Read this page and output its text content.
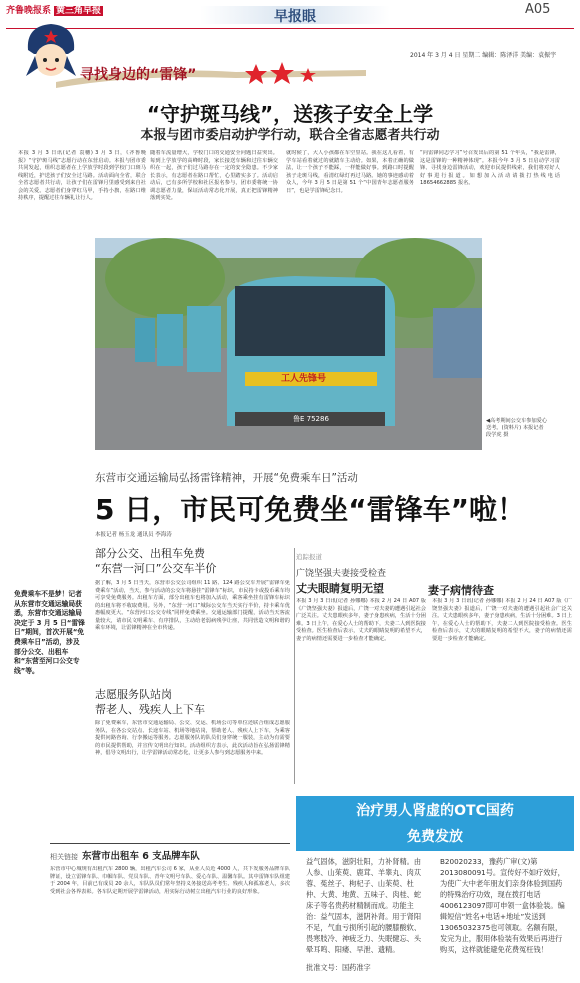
齐鲁晚报系 黄三角早报	早报眼	A05
2014 年 3 月 4 日 星期二 编辑：陈泽洋 美编：袁振宇
寻找身边的“雷锋”
“守护斑马线”，送孩子安全上学
本报与团市委启动护学行动，联合全省志愿者共行动
本报 3 月 3 日讯(记者 袁穗) 3 月 3 日，《齐鲁晚报》“守护斑马线”志愿行动在东营启动。本报与团市委共同发起，组织志愿者在上学放学时段到学校门口斑马线附近，护送孩子们安全过马路。活动面向全省，联合全省志愿者共行动，让孩子们在雷锋月里感受到来自社会的关爱。志愿者们身穿红马甲，手持小旗，在路口维持秩序，提醒过往车辆礼让行人。
随着车流量增大，学校门口的交通安全问题日益突出。每到上学放学的高峰时段，家长接送车辆和过往车辆交织在一起，孩子们过马路存在一定的安全隐患。不少家长表示，有志愿者在路口帮忙，心里踏实多了。活动启动后，已有多所学校和社区报名参与，团市委将统一协调志愿者力量，保证活动常态化开展，真正把雷锋精神落到实处。
就时候了，大人小孩都在车空里站。我在这儿看着，有学车站看着就过的就踏车主动给。如果，本着正确的做法，让一个孩子不能踩，一样能做好事。到路口时提醒孩子走斑马线，看清红绿灯再过马路。她的事迹感动着众人，今年 3 月 5 日是第 51 个“中国青年志愿者服务日”，也是学雷锋纪念日。
“向雷锋同志学习”号召发出后的第 51 个年头，“我是雷锋，这是雷锋的一种精神体现”。本报今年 3 月 5 日启动学习雷锋、寻找身边雷锋活动，欢迎市民提供线索，我们将对好人好事进行报道。如想加入活动请拨打热线电话 18654662885 报名。
工人先锋号
鲁E 75286	◀高考期间公交车参加爱心送考。(资料片) 本报记者 段学虎 摄
东营市交通运输局弘扬雷锋精神，开展“免费乘车日”活动
5 日，市民可免费坐“雷锋车”啦！
本报记者 杨玉龙 通讯员 李海涛
免费乘车不是梦！记者从东营市交通运输局获悉，东营市交通运输局决定于 3 月 5 日“雷锋日”期间，首次开展“免费乘车日”活动，涉及部分公交、出租车和“东营至河口公交专线”等。
部分公交、出租车免费
“东营一河口”公交车半价
据了解，3 月 5 日当天，东营市公交公司组织 11 路、124 路公交车开展“雷锋车免费乘车”活动，当天，参与活动的公交车将悬挂“雷锋车”标识，市民持卡或投币乘车均可享受免费服务。出租车方面，部分出租车也将加入活动，乘客乘坐挂有雷锋车标识的出租车将不收取费用。另外，“东营一河口”城际公交车当天实行半价，持卡乘车优惠幅度更大。“东营河口公交专线”同样免费乘坐。交通运输部门提醒，活动当天客流量较大，请市民文明乘车、有序排队，主动给老弱病残孕让座，共同营造文明和谐的乘车环境，让雷锋精神在全市传递。
志愿服务队站岗
帮老人、残疾人上下车
除了免费乘车，东营市交通运输局、公交、交运、机场公司等单位还联合组成志愿服务队，在各公交站点、长途车站、机场等地站岗，帮助老人、残疾人上下车，为乘客提供问路咨询、行李搬运等服务。志愿服务队的队员们身穿统一服装，主动为有需要的市民提供帮助，并宣传文明出行知识。活动组织方表示，此次活动旨在弘扬雷锋精神，倡导文明出行，让学雷锋活动常态化，让更多人参与到志愿服务中来。
相关链接 东营市出租车 6 支品牌车队
东营市中心城规有出租汽车 2800 辆，出租汽车公司 6 家，从业人员近 4000 人，共下发服务品牌车队牌证，设立雷锋车队、巾帼车队、党员车队、青年文明号车队、爱心车队、温馨车队。其中雷锋车队组建于 2004 年，目前已有成员 20 余人，车队队员们常年坚持义务接送高考考生、残疾人和孤寡老人，多次受到社会各界表彰。各车队定期开展学雷锋活动，用实际行动树立出租汽车行业的良好形象。
追踪报道
广饶坚强夫妻接受检查
丈夫眼睛复明无望	妻子病情待查
本报 3 月 3 日讯(记者 孙娜娜) 本报 2 月 24 日 A07 版《广饶坚强夫妻》报道后，广饶一对夫妻的遭遇引起社会广泛关注。丈夫患眼疾多年，妻子身患疾病，生活十分困难。3 日上午，在爱心人士的帮助下，夫妻二人到医院接受检查。医生检查后表示，丈夫的眼睛复明的希望不大，妻子的病情还需要进一步检查才能确定。
本报 3 月 3 日讯(记者 孙娜娜) 本报 2 月 24 日 A07 版《广饶坚强夫妻》报道后，广饶一对夫妻的遭遇引起社会广泛关注。丈夫患眼疾多年，妻子身患疾病，生活十分困难。3 日上午，在爱心人士的帮助下，夫妻二人到医院接受检查。医生检查后表示，丈夫的眼睛复明的希望不大，妻子的病情还需要进一步检查才能确定。
治疗男人肾虚的OTC国药
免费发放
益气固体，滋阴壮阳，力补肾精。由人参、山茱萸、鹿茸、羊睾丸、肉苁蓉、菟丝子、枸杞子、山茱萸、杜仲、大黄、地黄、五味子、肉桂、蛇床子等名贵药材精制而成。功能主治：益气固本，滋阴补肾。用于肾阳不足，气血亏损所引起的腰膝酸软、畏寒肢冷、神疲乏力、失眠健忘、头晕耳鸣、阳痿、早泄、遗精。
批准文号：国药准字
B20020233，豫药广审(文)第2013080091号。宣传好不如疗效好，为使广大中老年朋友们亲身体验到国药的特殊治疗功效，现在拨打电话4006123097即可申领一盒体验装。编辑短信“姓名+电话+地址”发送到13065032375也可领取。名额有限，发完为止，服用体验装有效果后再进行购买，这样就能避免花费冤枉钱！
